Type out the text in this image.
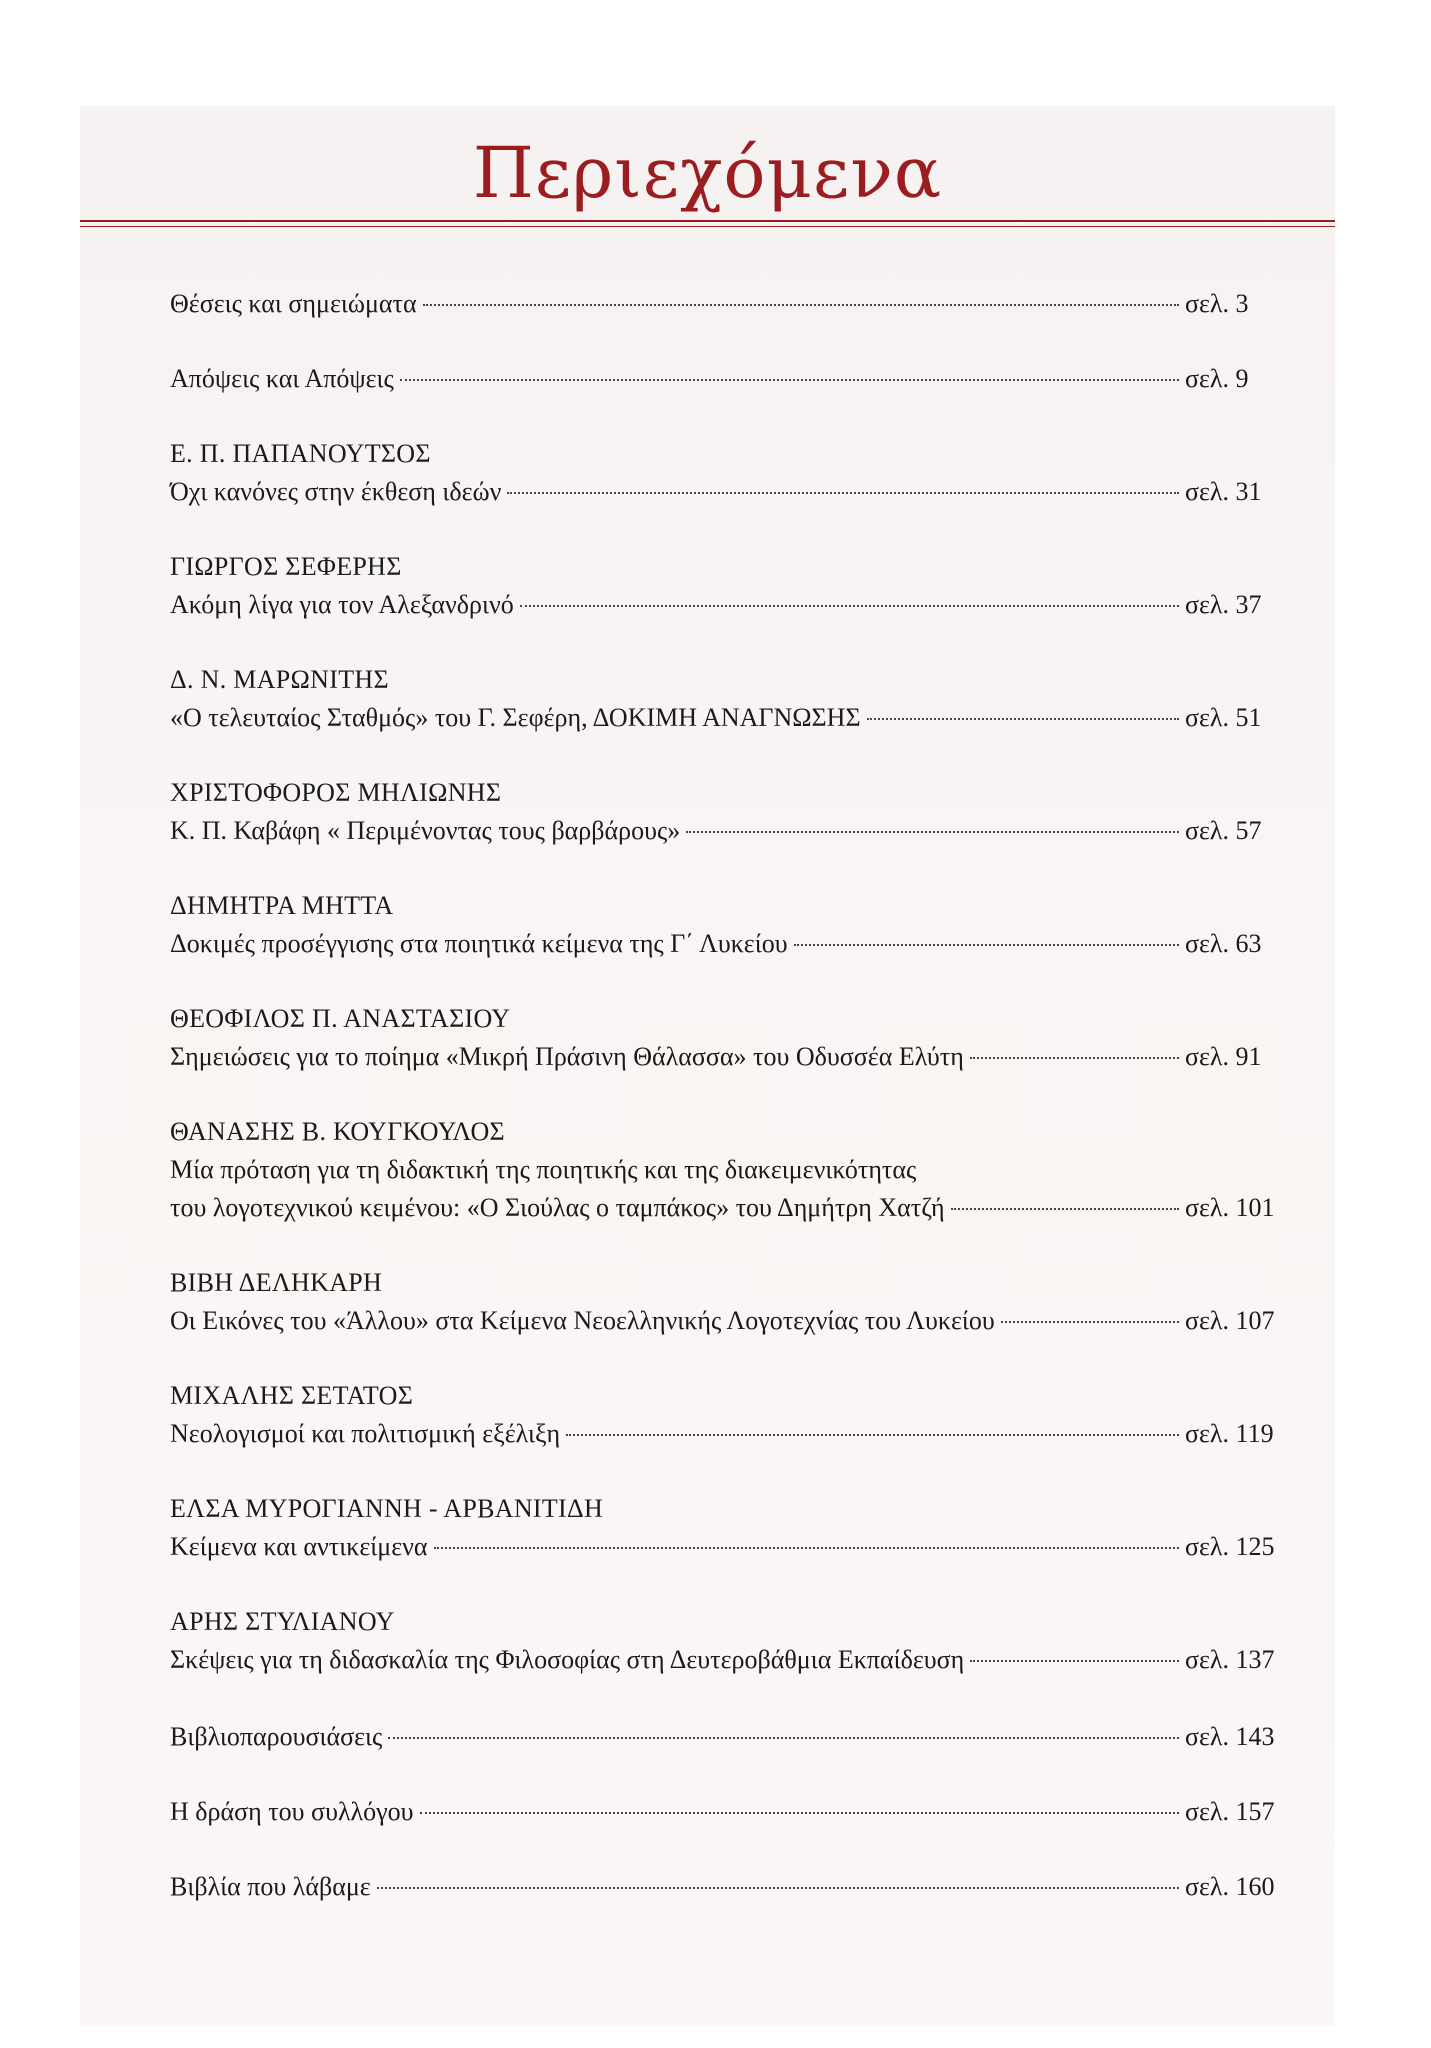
Περιεχόμενα
Θέσεις και σημειώματα	σελ. 3
Απόψεις και Απόψεις	σελ. 9
Ε. Π. ΠΑΠΑΝΟΥΤΣΟΣ
Όχι κανόνες στην έκθεση ιδεών	σελ. 31
ΓΙΩΡΓΟΣ ΣΕΦΕΡΗΣ
Ακόμη λίγα για τον Αλεξανδρινό	σελ. 37
Δ. Ν. ΜΑΡΩΝΙΤΗΣ
«Ο τελευταίος Σταθμός» του Γ. Σεφέρη, ΔΟΚΙΜΗ ΑΝΑΓΝΩΣΗΣ	σελ. 51
ΧΡΙΣΤΟΦΟΡΟΣ ΜΗΛΙΩΝΗΣ
Κ. Π. Καβάφη « Περιμένοντας τους βαρβάρους»	σελ. 57
ΔΗΜΗΤΡΑ ΜΗΤΤΑ
Δοκιμές προσέγγισης στα ποιητικά κείμενα της Γ΄ Λυκείου	σελ. 63
ΘΕΟΦΙΛΟΣ Π. ΑΝΑΣΤΑΣΙΟΥ
Σημειώσεις για το ποίημα «Μικρή Πράσινη Θάλασσα» του Οδυσσέα Ελύτη	σελ. 91
ΘΑΝΑΣΗΣ Β. ΚΟΥΓΚΟΥΛΟΣ
Μία πρόταση για τη διδακτική της ποιητικής και της διακειμενικότητας
του λογοτεχνικού κειμένου: «Ο Σιούλας ο ταμπάκος» του Δημήτρη Χατζή	σελ. 101
ΒΙΒΗ ΔΕΛΗΚΑΡΗ
Οι Εικόνες του «Άλλου» στα Κείμενα Νεοελληνικής Λογοτεχνίας του Λυκείου	σελ. 107
ΜΙΧΑΛΗΣ ΣΕΤΑΤΟΣ
Νεολογισμοί και πολιτισμική εξέλιξη	σελ. 119
ΕΛΣΑ ΜΥΡΟΓΙΑΝΝΗ - ΑΡΒΑΝΙΤΙΔΗ
Κείμενα και αντικείμενα	σελ. 125
ΑΡΗΣ ΣΤΥΛΙΑΝΟΥ
Σκέψεις για τη διδασκαλία της Φιλοσοφίας στη Δευτεροβάθμια Εκπαίδευση	σελ. 137
Βιβλιοπαρουσιάσεις	σελ. 143
Η δράση του συλλόγου	σελ. 157
Βιβλία που λάβαμε	σελ. 160
